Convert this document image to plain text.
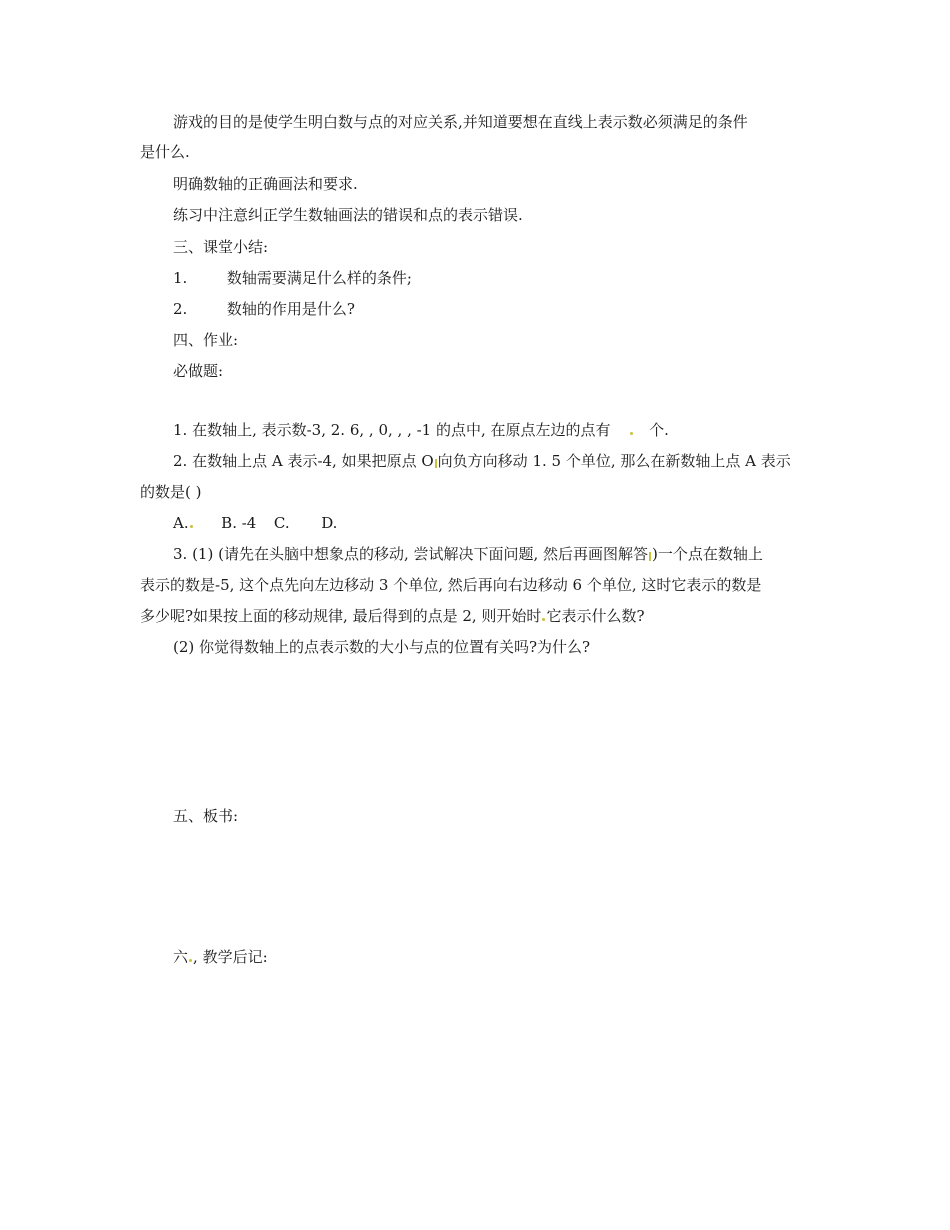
游戏的目的是使学生明白数与点的对应关系,并知道要想在直线上表示数必须满足的条件
是什么.
明确数轴的正确画法和要求.
练习中注意纠正学生数轴画法的错误和点的表示错误.
三、课堂小结:
1.	数轴需要满足什么样的条件;
2.	数轴的作用是什么?
四、作业:
必做题:
1. 在数轴上, 表示数-3, 2. 6, , 0, , , -1 的点中, 在原点左边的点有	个.
2. 在数轴上点 A 表示-4, 如果把原点 O 向负方向移动 1. 5 个单位, 那么在新数轴上点 A 表示
的数是( )
A. B. -4 C. D.
3. (1) (请先在头脑中想象点的移动, 尝试解决下面问题, 然后再画图解答 )一个点在数轴上
表示的数是-5, 这个点先向左边移动 3 个单位, 然后再向右边移动 6 个单位, 这时它表示的数是
多少呢?如果按上面的移动规律, 最后得到的点是 2, 则开始时 它表示什么数?
(2) 你觉得数轴上的点表示数的大小与点的位置有关吗?为什么?
五、板书:
六 , 教学后记:
